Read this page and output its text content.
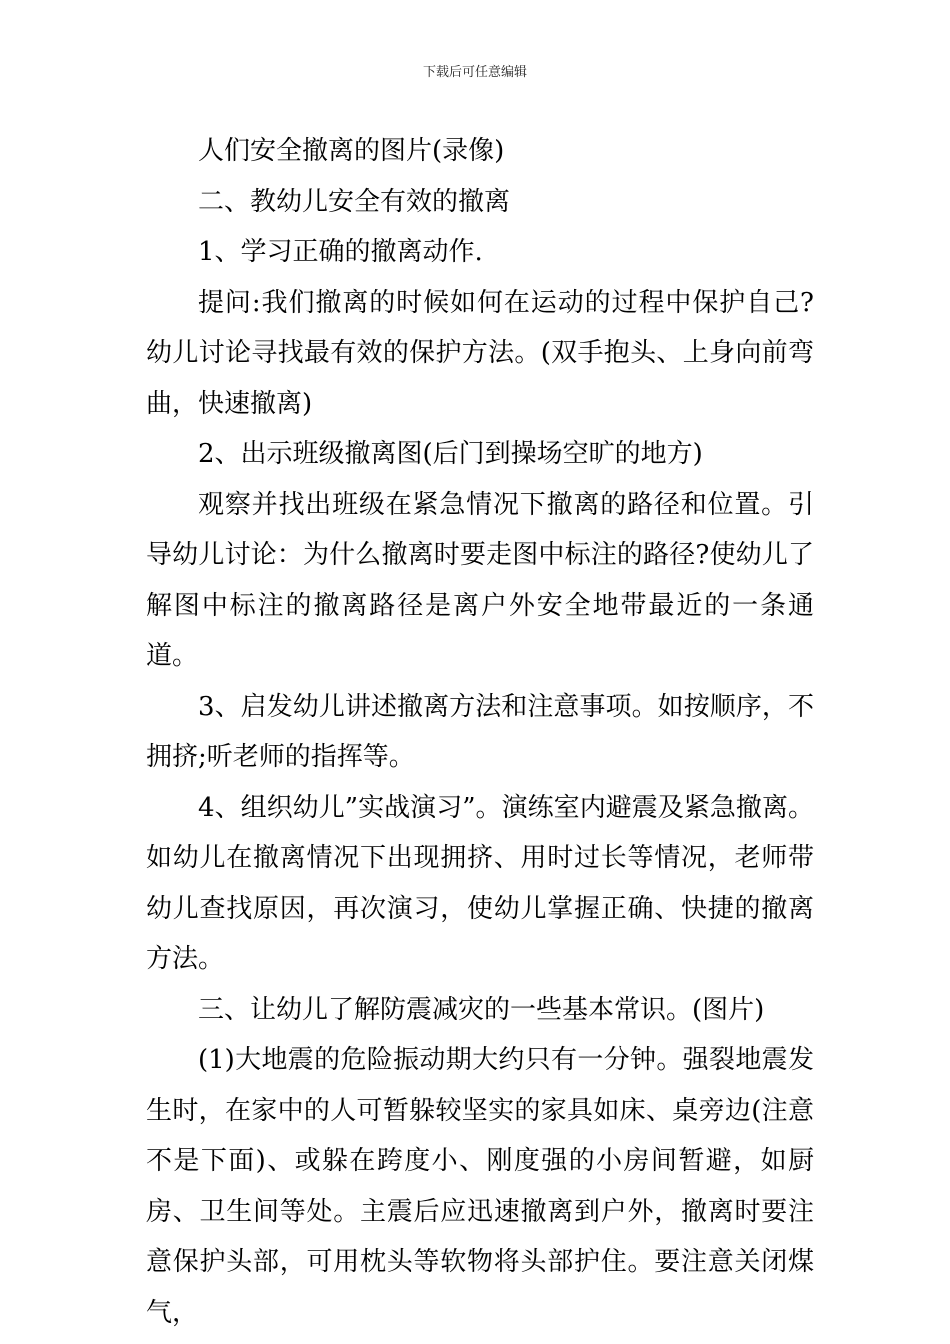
下载后可任意编辑

人们安全撤离的图片(录像)

二、教幼儿安全有效的撤离

1、学习正确的撤离动作.

提问:我们撤离的时候如何在运动的过程中保护自己?幼儿讨论寻找最有效的保护方法。(双手抱头、上身向前弯曲，快速撤离)

2、出示班级撤离图(后门到操场空旷的地方)

观察并找出班级在紧急情况下撤离的路径和位置。引导幼儿讨论：为什么撤离时要走图中标注的路径?使幼儿了解图中标注的撤离路径是离户外安全地带最近的一条通道。

3、启发幼儿讲述撤离方法和注意事项。如按顺序，不拥挤;听老师的指挥等。

4、组织幼儿”实战演习”。演练室内避震及紧急撤离。如幼儿在撤离情况下出现拥挤、用时过长等情况，老师带幼儿查找原因，再次演习，使幼儿掌握正确、快捷的撤离方法。

三、让幼儿了解防震减灾的一些基本常识。(图片)

(1)大地震的危险振动期大约只有一分钟。强裂地震发生时，在家中的人可暂躲较坚实的家具如床、桌旁边(注意不是下面)、或躲在跨度小、刚度强的小房间暂避，如厨房、卫生间等处。主震后应迅速撤离到户外，撤离时要注意保护头部，可用枕头等软物将头部护住。要注意关闭煤气，
